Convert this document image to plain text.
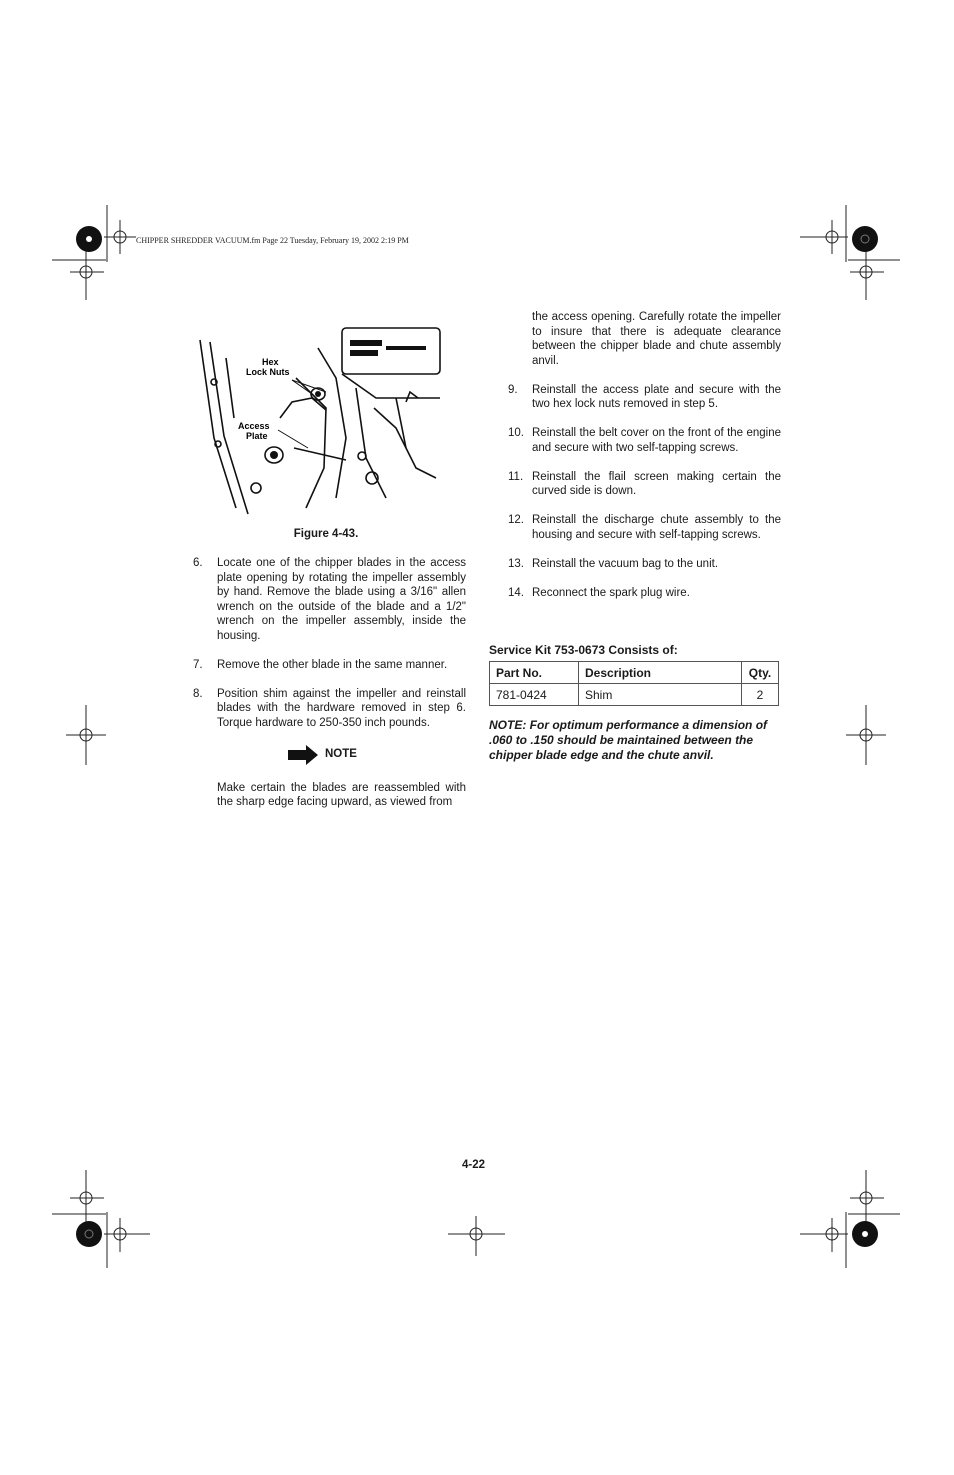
CHIPPER SHREDDER VACUUM.fm Page 22 Tuesday, February 19, 2002 2:19 PM
Hex
Lock Nuts
Access
Plate
Figure 4-43.
6. Locate one of the chipper blades in the access plate opening by rotating the impeller assembly by hand. Remove the blade using a 3/16" allen wrench on the outside of the blade and a 1/2" wrench on the impeller assembly, inside the housing.
7. Remove the other blade in the same manner.
8. Position shim against the impeller and reinstall blades with the hardware removed in step 6. Torque hardware to 250-350 inch pounds.
NOTE
Make certain the blades are reassembled with the sharp edge facing upward, as viewed from
the access opening. Carefully rotate the impeller to insure that there is adequate clearance between the chipper blade and chute assembly anvil.
9. Reinstall the access plate and secure with the two hex lock nuts removed in step 5.
10. Reinstall the belt cover on the front of the engine and secure with two self-tapping screws.
11. Reinstall the flail screen making certain the curved side is down.
12. Reinstall the discharge chute assembly to the housing and secure with self-tapping screws.
13. Reinstall the vacuum bag to the unit.
14. Reconnect the spark plug wire.
Service Kit 753-0673 Consists of:
Part No.	Description	Qty.
781-0424	Shim	2
NOTE: For optimum performance a dimension of .060 to .150 should be maintained between the chipper blade edge and the chute anvil.
4-22
